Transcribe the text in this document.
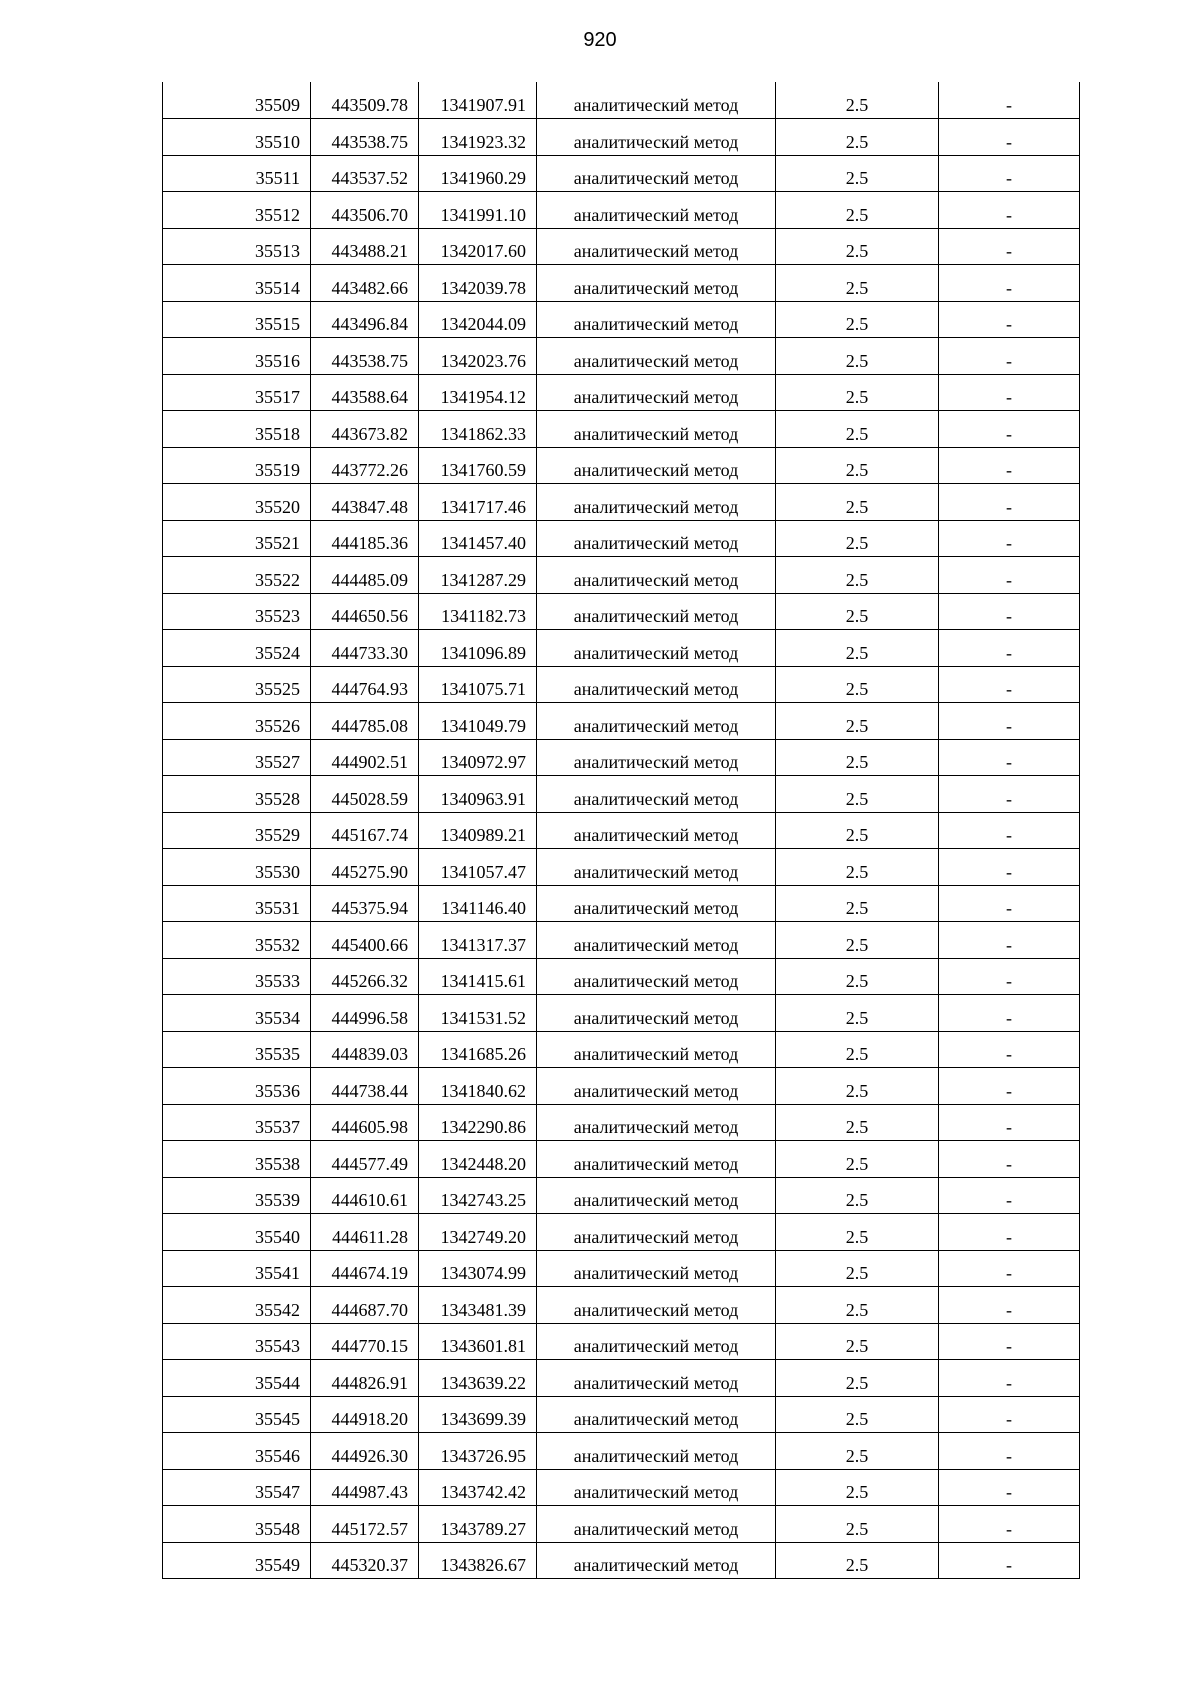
920
35509	443509.78	1341907.91	аналитический метод	2.5	-
35510	443538.75	1341923.32	аналитический метод	2.5	-
35511	443537.52	1341960.29	аналитический метод	2.5	-
35512	443506.70	1341991.10	аналитический метод	2.5	-
35513	443488.21	1342017.60	аналитический метод	2.5	-
35514	443482.66	1342039.78	аналитический метод	2.5	-
35515	443496.84	1342044.09	аналитический метод	2.5	-
35516	443538.75	1342023.76	аналитический метод	2.5	-
35517	443588.64	1341954.12	аналитический метод	2.5	-
35518	443673.82	1341862.33	аналитический метод	2.5	-
35519	443772.26	1341760.59	аналитический метод	2.5	-
35520	443847.48	1341717.46	аналитический метод	2.5	-
35521	444185.36	1341457.40	аналитический метод	2.5	-
35522	444485.09	1341287.29	аналитический метод	2.5	-
35523	444650.56	1341182.73	аналитический метод	2.5	-
35524	444733.30	1341096.89	аналитический метод	2.5	-
35525	444764.93	1341075.71	аналитический метод	2.5	-
35526	444785.08	1341049.79	аналитический метод	2.5	-
35527	444902.51	1340972.97	аналитический метод	2.5	-
35528	445028.59	1340963.91	аналитический метод	2.5	-
35529	445167.74	1340989.21	аналитический метод	2.5	-
35530	445275.90	1341057.47	аналитический метод	2.5	-
35531	445375.94	1341146.40	аналитический метод	2.5	-
35532	445400.66	1341317.37	аналитический метод	2.5	-
35533	445266.32	1341415.61	аналитический метод	2.5	-
35534	444996.58	1341531.52	аналитический метод	2.5	-
35535	444839.03	1341685.26	аналитический метод	2.5	-
35536	444738.44	1341840.62	аналитический метод	2.5	-
35537	444605.98	1342290.86	аналитический метод	2.5	-
35538	444577.49	1342448.20	аналитический метод	2.5	-
35539	444610.61	1342743.25	аналитический метод	2.5	-
35540	444611.28	1342749.20	аналитический метод	2.5	-
35541	444674.19	1343074.99	аналитический метод	2.5	-
35542	444687.70	1343481.39	аналитический метод	2.5	-
35543	444770.15	1343601.81	аналитический метод	2.5	-
35544	444826.91	1343639.22	аналитический метод	2.5	-
35545	444918.20	1343699.39	аналитический метод	2.5	-
35546	444926.30	1343726.95	аналитический метод	2.5	-
35547	444987.43	1343742.42	аналитический метод	2.5	-
35548	445172.57	1343789.27	аналитический метод	2.5	-
35549	445320.37	1343826.67	аналитический метод	2.5	-
